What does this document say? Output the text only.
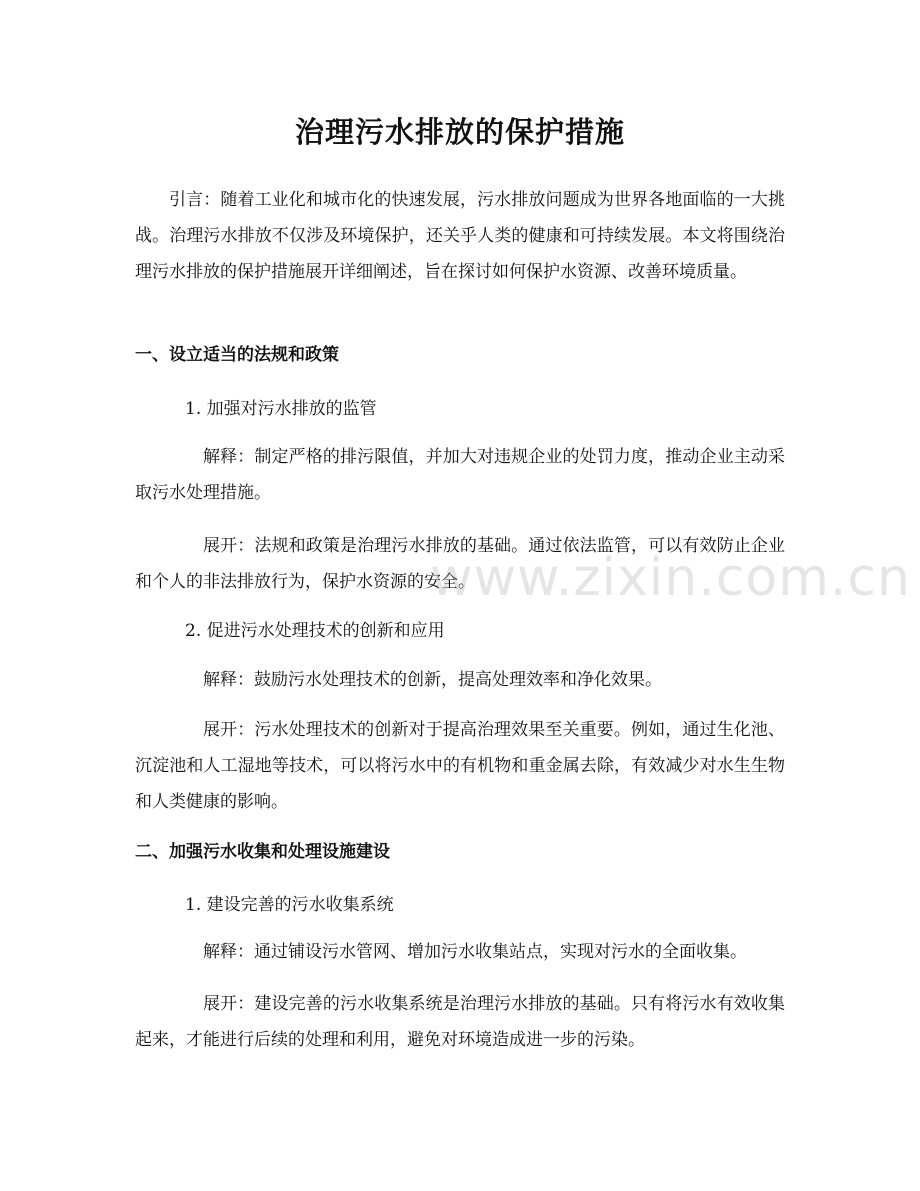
治理污水排放的保护措施

引言：随着工业化和城市化的快速发展，污水排放问题成为世界各地面临的一大挑战。治理污水排放不仅涉及环境保护，还关乎人类的健康和可持续发展。本文将围绕治理污水排放的保护措施展开详细阐述，旨在探讨如何保护水资源、改善环境质量。

一、设立适当的法规和政策
1. 加强对污水排放的监管

解释：制定严格的排污限值，并加大对违规企业的处罚力度，推动企业主动采取污水处理措施。

展开：法规和政策是治理污水排放的基础。通过依法监管，可以有效防止企业和个人的非法排放行为，保护水资源的安全。

2. 促进污水处理技术的创新和应用

解释：鼓励污水处理技术的创新，提高处理效率和净化效果。

展开：污水处理技术的创新对于提高治理效果至关重要。例如，通过生化池、沉淀池和人工湿地等技术，可以将污水中的有机物和重金属去除，有效减少对水生生物和人类健康的影响。

二、加强污水收集和处理设施建设
1. 建设完善的污水收集系统

解释：通过铺设污水管网、增加污水收集站点，实现对污水的全面收集。

展开：建设完善的污水收集系统是治理污水排放的基础。只有将污水有效收集起来，才能进行后续的处理和利用，避免对环境造成进一步的污染。

www.zixin.com.cn
